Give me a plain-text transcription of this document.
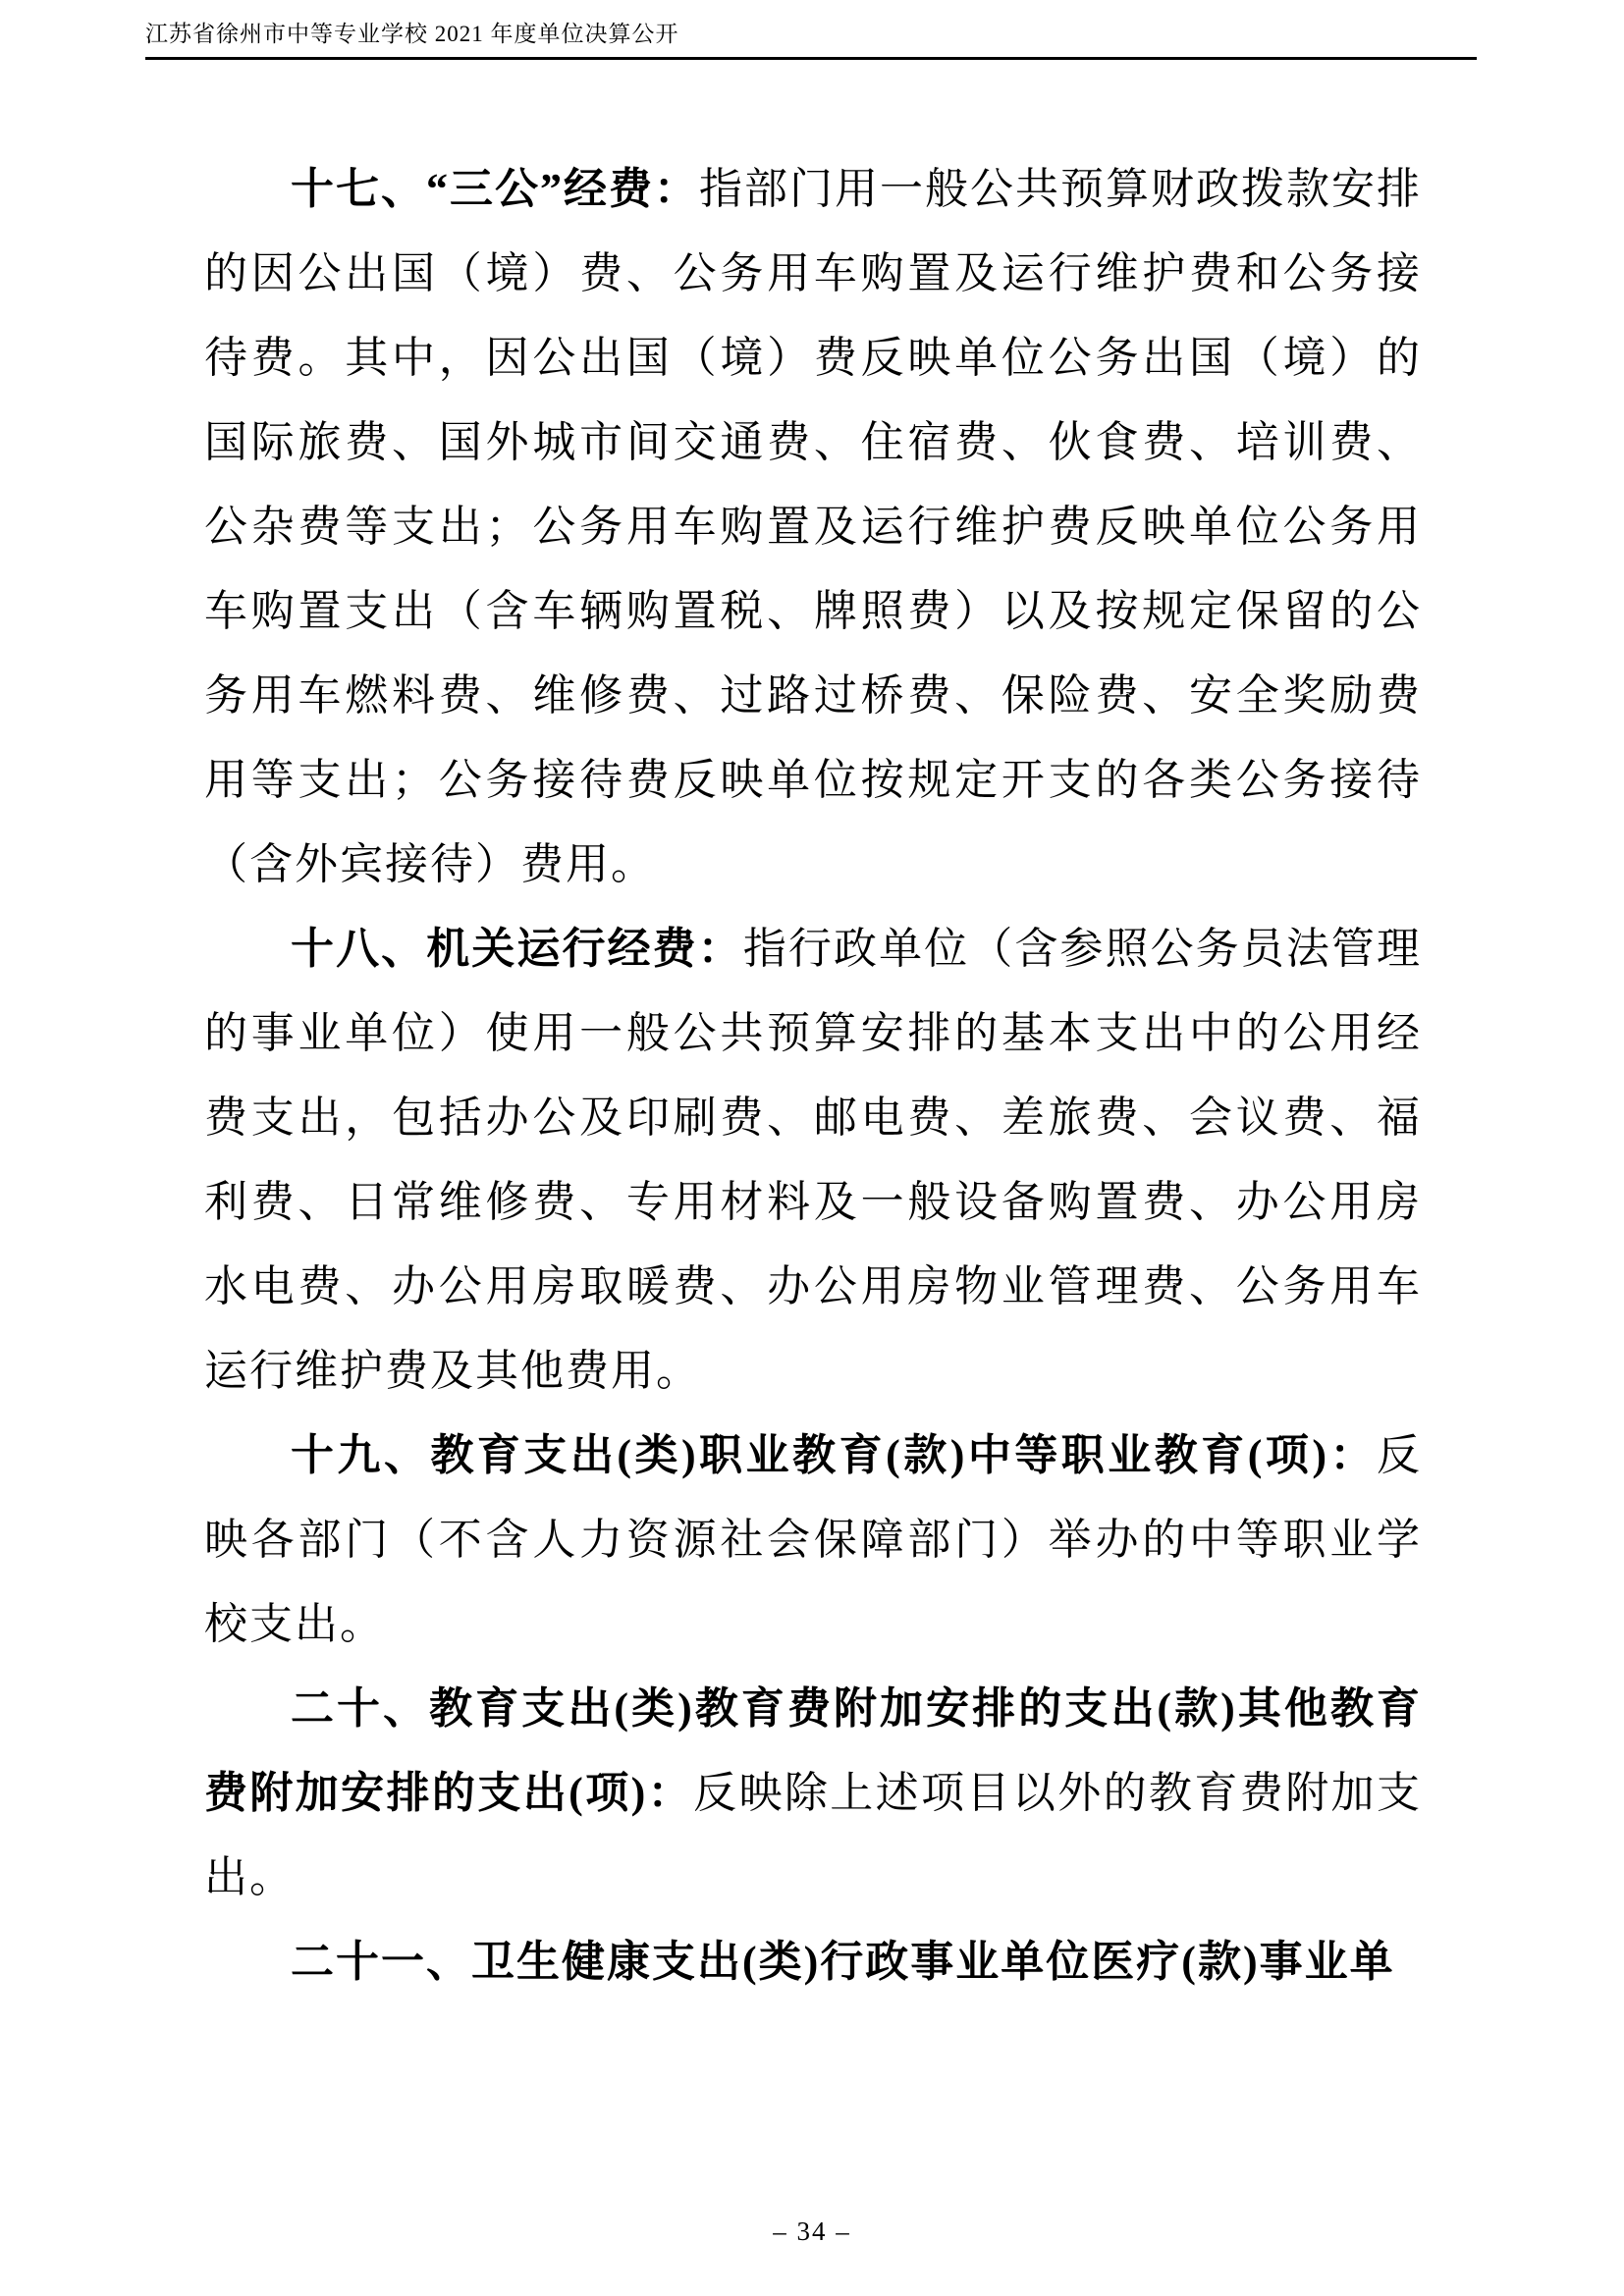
江苏省徐州市中等专业学校 2021 年度单位决算公开

十七、“三公”经费：指部门用一般公共预算财政拨款安排的因公出国（境）费、公务用车购置及运行维护费和公务接待费。其中，因公出国（境）费反映单位公务出国（境）的国际旅费、国外城市间交通费、住宿费、伙食费、培训费、公杂费等支出；公务用车购置及运行维护费反映单位公务用车购置支出（含车辆购置税、牌照费）以及按规定保留的公务用车燃料费、维修费、过路过桥费、保险费、安全奖励费用等支出；公务接待费反映单位按规定开支的各类公务接待（含外宾接待）费用。

十八、机关运行经费：指行政单位（含参照公务员法管理的事业单位）使用一般公共预算安排的基本支出中的公用经费支出，包括办公及印刷费、邮电费、差旅费、会议费、福利费、日常维修费、专用材料及一般设备购置费、办公用房水电费、办公用房取暖费、办公用房物业管理费、公务用车运行维护费及其他费用。

十九、教育支出(类)职业教育(款)中等职业教育(项)：反映各部门（不含人力资源社会保障部门）举办的中等职业学校支出。

二十、教育支出(类)教育费附加安排的支出(款)其他教育费附加安排的支出(项)：反映除上述项目以外的教育费附加支出。

二十一、卫生健康支出(类)行政事业单位医疗(款)事业单

– 34 –
